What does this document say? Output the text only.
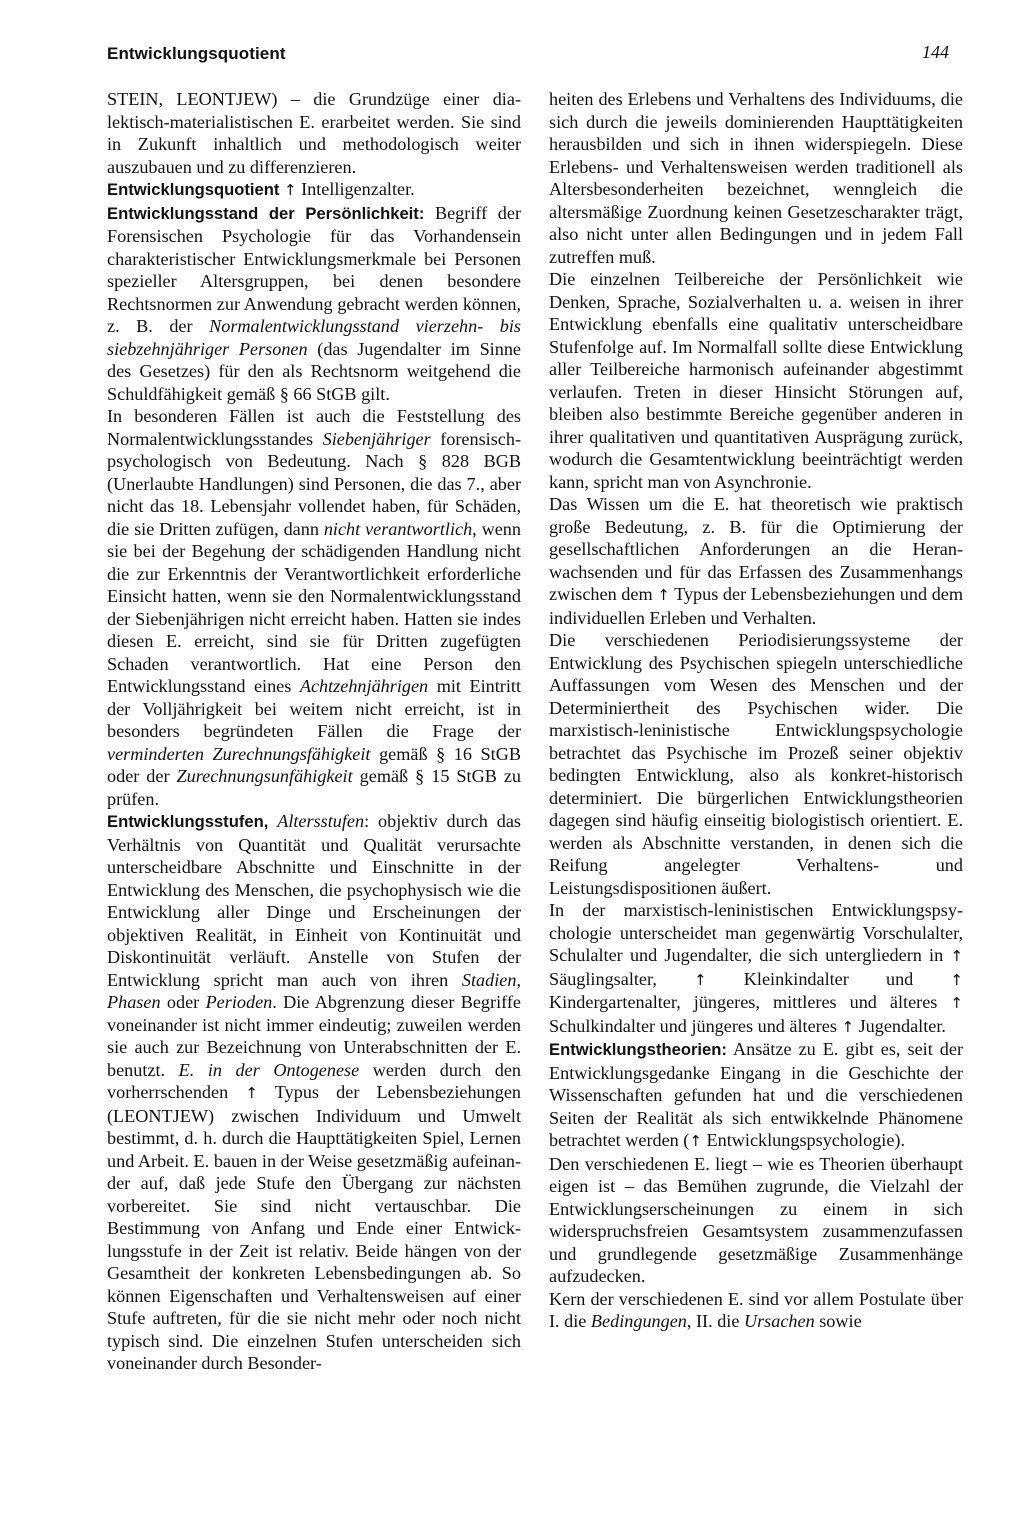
Entwicklungsquotient	144

STEIN, LEONTJEW) – die Grundzüge einer dialektisch-materialistischen E. erarbeitet werden. Sie sind in Zukunft inhaltlich und methodologisch weiter auszubauen und zu differenzieren.

Entwicklungsquotient ↑ Intelligenzalter.

Entwicklungsstand der Persönlichkeit: Begriff der Forensischen Psychologie für das Vorhandensein charakteristischer Entwicklungsmerkmale bei Personen spezieller Altersgruppen, bei denen besondere Rechtsnormen zur Anwendung gebracht werden können, z. B. der Normalentwicklungsstand vierzehn- bis siebzehnjähriger Personen (das Jugendalter im Sinne des Gesetzes) für den als Rechtsnorm weitgehend die Schuldfähigkeit gemäß § 66 StGB gilt.

In besonderen Fällen ist auch die Feststellung des Normalentwicklungsstandes Siebenjähriger forensisch-psychologisch von Bedeutung. Nach § 828 BGB (Unerlaubte Handlungen) sind Personen, die das 7., aber nicht das 18. Lebensjahr vollendet haben, für Schäden, die sie Dritten zufügen, dann nicht verantwortlich, wenn sie bei der Begehung der schädigenden Handlung nicht die zur Erkenntnis der Verantwortlichkeit erforderliche Einsicht hatten, wenn sie den Normalentwicklungsstand der Siebenjährigen nicht erreicht haben. Hatten sie indes diesen E. erreicht, sind sie für Dritten zugefügten Schaden verantwortlich. Hat eine Person den Entwicklungsstand eines Achtzehnjährigen mit Eintritt der Volljährigkeit bei weitem nicht erreicht, ist in besonders begründeten Fällen die Frage der verminderten Zurechnungsfähigkeit gemäß § 16 StGB oder der Zurechnungsunfähigkeit gemäß § 15 StGB zu prüfen.

Entwicklungsstufen, Altersstufen: objektiv durch das Verhältnis von Quantität und Qualität verursachte unterscheidbare Abschnitte und Einschnitte in der Entwicklung des Menschen, die psychophysisch wie die Entwicklung aller Dinge und Erscheinungen der objektiven Realität, in Einheit von Kontinuität und Diskontinuität verläuft. Anstelle von Stufen der Entwicklung spricht man auch von ihren Stadien, Phasen oder Perioden. Die Abgrenzung dieser Begriffe voneinander ist nicht immer eindeutig; zuweilen werden sie auch zur Bezeichnung von Unterabschnitten der E. benutzt. E. in der Ontogenese werden durch den vorherrschenden ↑ Typus der Lebensbeziehungen (LEONTJEW) zwischen Individuum und Umwelt bestimmt, d. h. durch die Haupttätigkeiten Spiel, Lernen und Arbeit. E. bauen in der Weise gesetzmäßig aufeinander auf, daß jede Stufe den Übergang zur nächsten vorbereitet. Sie sind nicht vertauschbar. Die Bestimmung von Anfang und Ende einer Entwicklungsstufe in der Zeit ist relativ. Beide hängen von der Gesamtheit der konkreten Lebensbedingungen ab. So können Eigenschaften und Verhaltensweisen auf einer Stufe auftreten, für die sie nicht mehr oder noch nicht typisch sind. Die einzelnen Stufen unterscheiden sich voneinander durch Besonder-

heiten des Erlebens und Verhaltens des Individuums, die sich durch die jeweils dominierenden Haupttätigkeiten herausbilden und sich in ihnen widerspiegeln. Diese Erlebens- und Verhaltensweisen werden traditionell als Altersbesonderheiten bezeichnet, wenngleich die altersmäßige Zuordnung keinen Gesetzescharakter trägt, also nicht unter allen Bedingungen und in jedem Fall zutreffen muß.

Die einzelnen Teilbereiche der Persönlichkeit wie Denken, Sprache, Sozialverhalten u. a. weisen in ihrer Entwicklung ebenfalls eine qualitativ unterscheidbare Stufenfolge auf. Im Normalfall sollte diese Entwicklung aller Teilbereiche harmonisch aufeinander abgestimmt verlaufen. Treten in dieser Hinsicht Störungen auf, bleiben also bestimmte Bereiche gegenüber anderen in ihrer qualitativen und quantitativen Ausprägung zurück, wodurch die Gesamtentwicklung beeinträchtigt werden kann, spricht man von Asynchronie.

Das Wissen um die E. hat theoretisch wie praktisch große Bedeutung, z. B. für die Optimierung der gesellschaftlichen Anforderungen an die Heranwachsenden und für das Erfassen des Zusammenhangs zwischen dem ↑ Typus der Lebensbeziehungen und dem individuellen Erleben und Verhalten.

Die verschiedenen Periodisierungssysteme der Entwicklung des Psychischen spiegeln unterschiedliche Auffassungen vom Wesen des Menschen und der Determiniertheit des Psychischen wider. Die marxistisch-leninistische Entwicklungspsychologie betrachtet das Psychische im Prozeß seiner objektiv bedingten Entwicklung, also als konkret-historisch determiniert. Die bürgerlichen Entwicklungstheorien dagegen sind häufig einseitig biologistisch orientiert. E. werden als Abschnitte verstanden, in denen sich die Reifung angelegter Verhaltens- und Leistungsdispositionen äußert.

In der marxistisch-leninistischen Entwicklungspsychologie unterscheidet man gegenwärtig Vorschulalter, Schulalter und Jugendalter, die sich untergliedern in ↑ Säuglingsalter, ↑ Kleinkindalter und ↑ Kindergartenalter, jüngeres, mittleres und älteres ↑ Schulkindalter und jüngeres und älteres ↑ Jugendalter.

Entwicklungstheorien: Ansätze zu E. gibt es, seit der Entwicklungsgedanke Eingang in die Geschichte der Wissenschaften gefunden hat und die verschiedenen Seiten der Realität als sich entwikkelnde Phänomene betrachtet werden (↑ Entwicklungspsychologie).

Den verschiedenen E. liegt – wie es Theorien überhaupt eigen ist – das Bemühen zugrunde, die Vielzahl der Entwicklungserscheinungen zu einem in sich widerspruchsfreien Gesamtsystem zusammenzufassen und grundlegende gesetzmäßige Zusammenhänge aufzudecken.

Kern der verschiedenen E. sind vor allem Postulate über I. die Bedingungen, II. die Ursachen sowie
